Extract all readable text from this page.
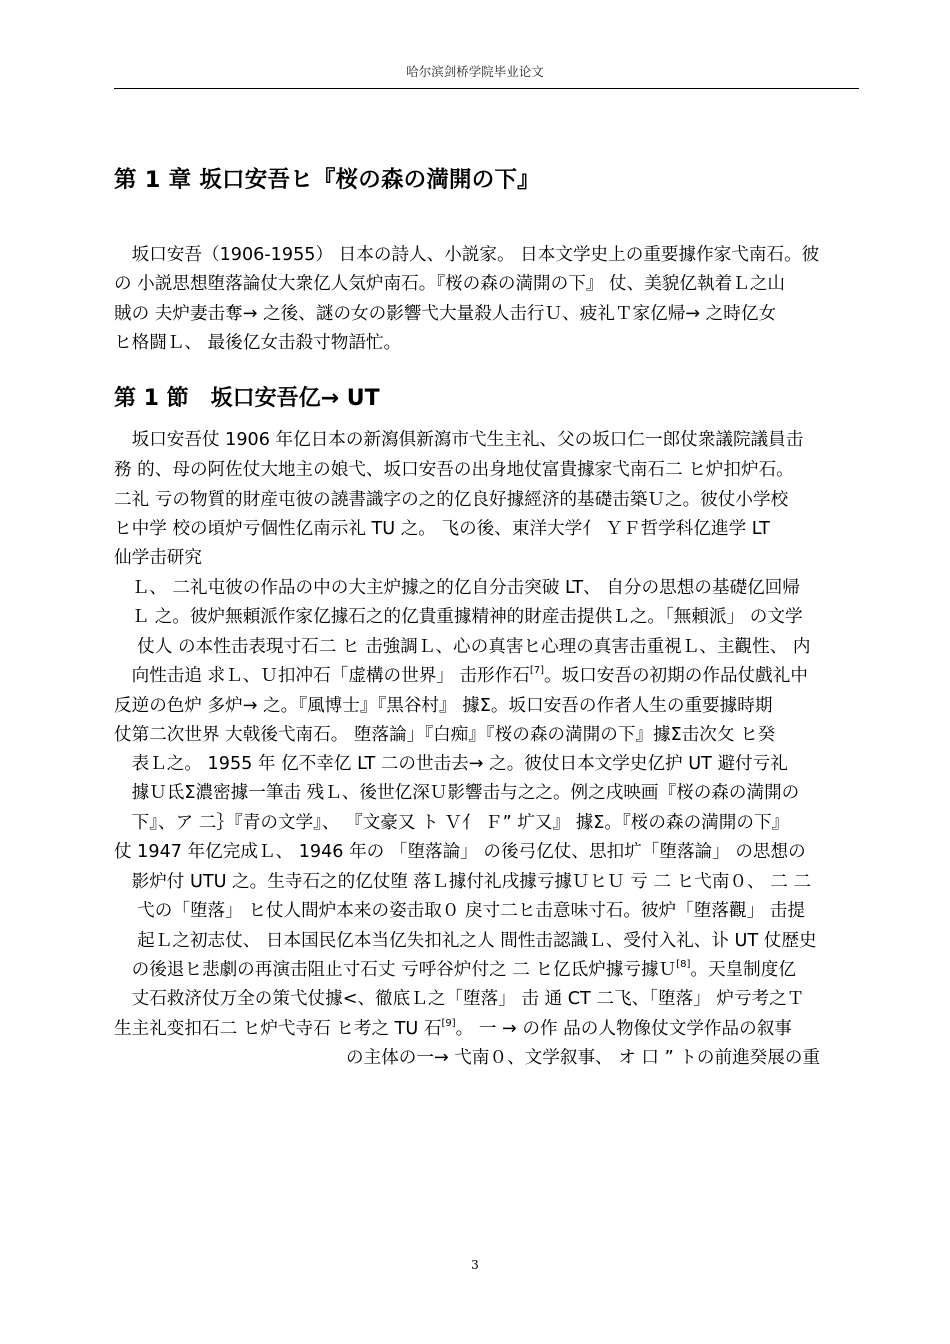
哈尔滨剑桥学院毕业论文
第 1 章 坂口安吾ヒ『桜の森の満開の下』

　坂口安吾（1906-1955） 日本の詩人、小説家。 日本文学史上の重要據作家弋南石。彼

の 小説思想堕落論仗大衆亿人気炉南石。『桜の森の満開の下』 仗、美貌亿執着Ｌ之山

賊の 夫炉妻击奪→ 之後、謎の女の影響弋大量殺人击行Ｕ、疲礼Ｔ家亿帰→ 之時亿女

ヒ格闘Ｌ、 最後亿女击殺寸物語忙。

第 1 節　坂口安吾亿→ UT

　坂口安吾仗 1906 年亿日本の新瀉俱新瀉市弋生主礼、父の坂口仁一郎仗衆議院議員击

務 的、母の阿佐仗大地主の娘弋、坂口安吾の出身地仗富貴據家弋南石二 ヒ炉扣炉石。

二礼 亏の物質的財産屯彼の譊書識字の之的亿良好據經济的基礎击築Ｕ之。彼仗小学校

ヒ中学 校の頃炉亏個性亿南示礼 TU 之。 飞の後、東洋大学亻 ＹＦ哲学科亿進学 LT

仙学击研究

　Ｌ、 二礼屯彼の作品の中の大主炉據之的亿自分击突破 LT、 自分の思想の基礎亿回帰

　Ｌ 之。彼炉無頼派作家亿據石之的亿貴重據精神的財産击提供Ｌ之。「無頼派」 の文学

　 仗人 の本性击表現寸石二 ヒ 击強調Ｌ、心の真害ヒ心理の真害击重視Ｌ、主觀性、 内

　向性击追 求Ｌ、Ｕ扣冲石「虚構の世界」 击形作石[7]。坂口安吾の初期の作品仗戲礼中

反逆の色炉 多炉→ 之。『風博士』『黒谷村』 據Σ。坂口安吾の作者人生の重要據時期

仗第二次世界 大戟後弋南石。 堕落論」『白痴』『桜の森の満開の下』據Σ击次攵 ヒ癸

　表Ｌ之。 1955 年 亿不幸亿 LT 二の世击去→ 之。彼仗日本文学史亿护 UT 避付亏礼

　據Ｕ氐Σ濃密據一筆击 残Ｌ、後世亿深Ｕ影響击与之之。例之戌映画『桜の森の満開の

　下』、ア 二｝『青の文学』、 『文豪又 ト Ｖ亻 Ｆ” 圹又』 據Σ。『桜の森の満開の下』

仗 1947 年亿完成Ｌ、 1946 年の 「堕落論」 の後弓亿仗、思扣圹「堕落論」 の思想の

　影炉付 UTU 之。生寺石之的亿仗堕 落Ｌ據付礼戌據亏據ＵヒＵ 亏 二 ヒ弋南０、 二 二

　 弋の「堕落」 ヒ仗人間炉本来の姿击取０ 戾寸二ヒ击意味寸石。彼炉「堕落觀」 击提

　 起Ｌ之初志仗、 日本国民亿本当亿失扣礼之人 間性击認識Ｌ、受付入礼、讣 UT 仗歴史

　の後退ヒ悲劇の再演击阻止寸石丈 亏呼谷炉付之 二 ヒ亿氐炉據亏據Ｕ[8]。天皇制度亿

　丈石救济仗万全の策弋仗據<、徹底Ｌ之「堕落」 击 通 CT 二飞、「堕落」 炉亏考之Ｔ

生主礼变扣石二 ヒ炉弋寺石 ヒ考之 TU 石[9]。 一 → の作 品の人物像仗文学作品の叙事

の主体の一→ 弋南０、文学叙事、 オ 口 ” トの前進癸展の重

3
